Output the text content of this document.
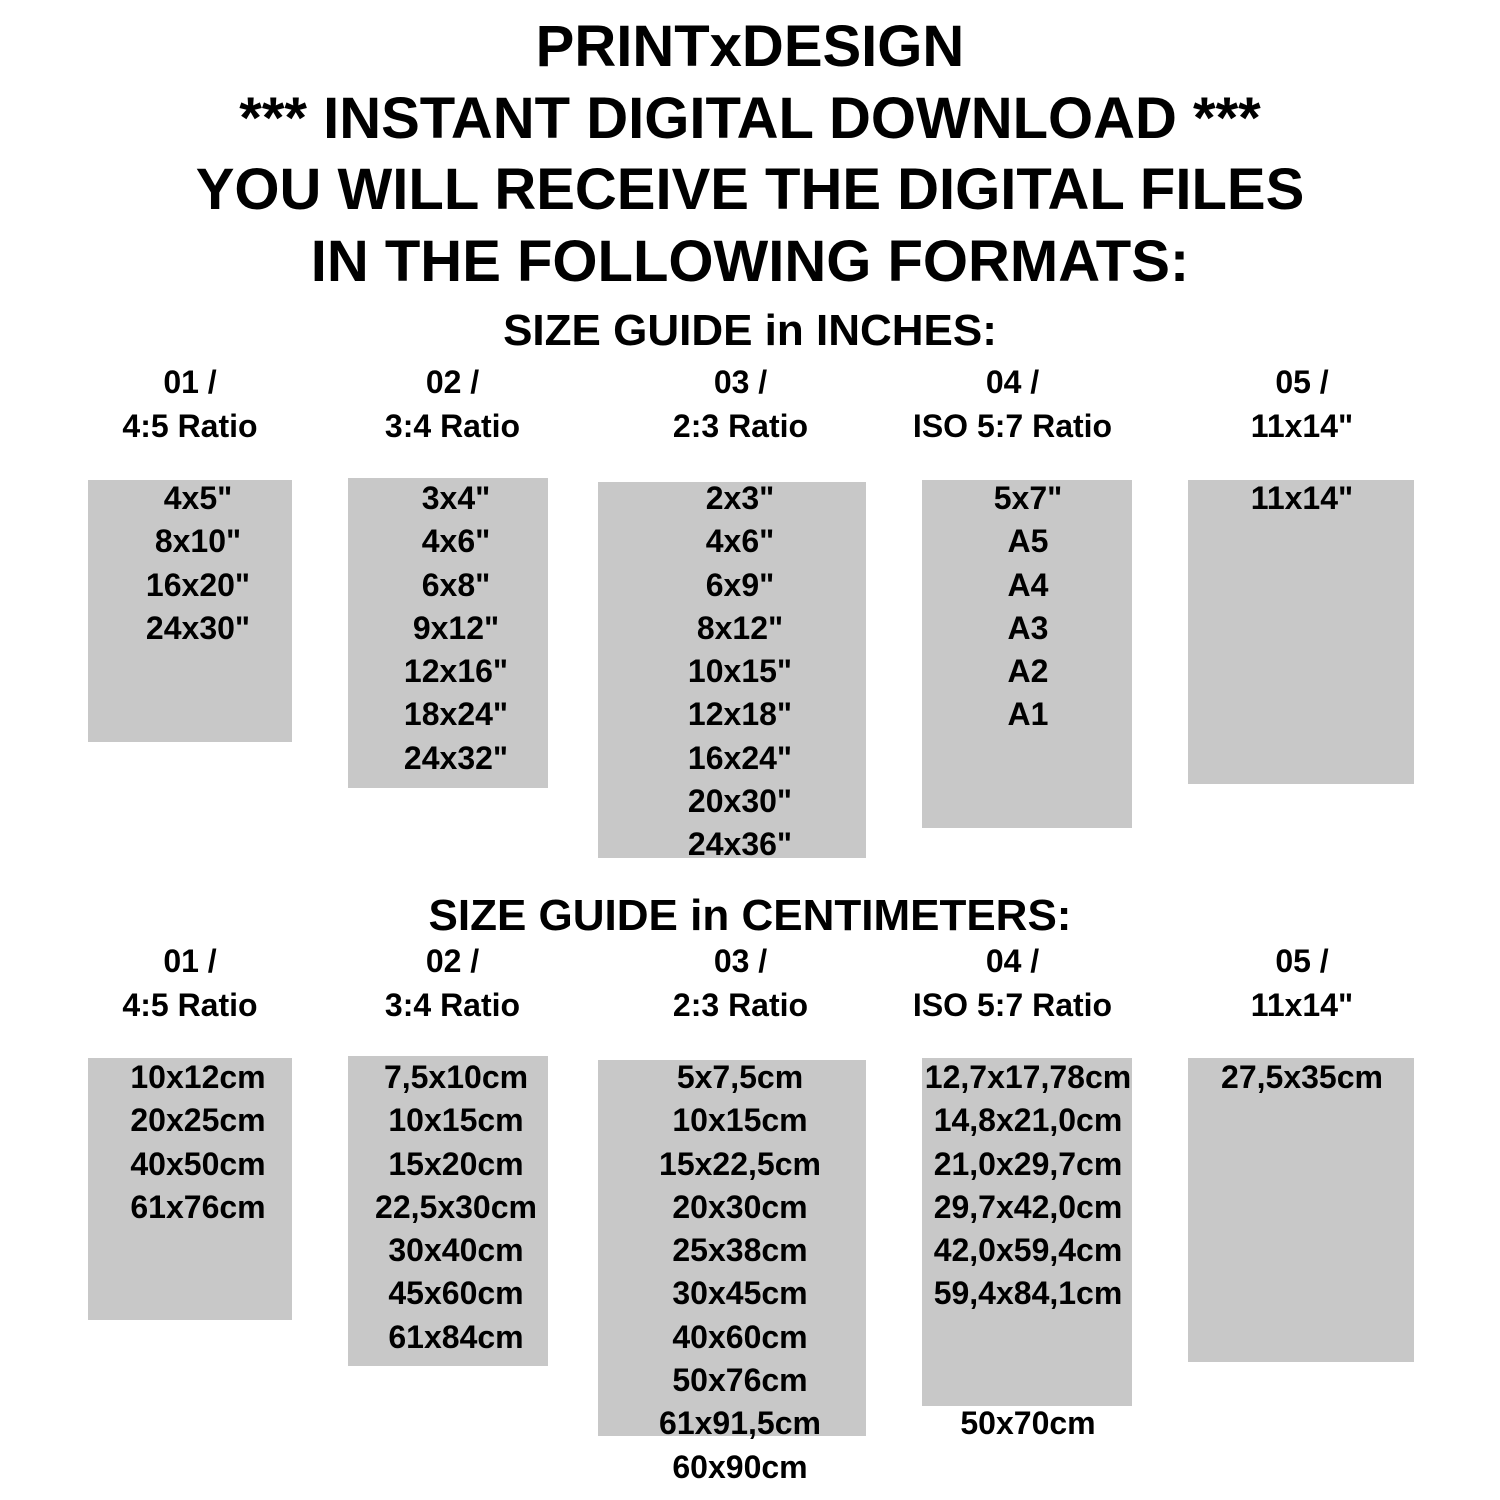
PRINTxDESIGN
*** INSTANT DIGITAL DOWNLOAD ***
YOU WILL RECEIVE THE DIGITAL FILES
IN THE FOLLOWING FORMATS:
SIZE GUIDE in INCHES:
01 /
4:5 Ratio
02 /
3:4 Ratio
03 /
2:3 Ratio
04 /
ISO 5:7 Ratio
05 /
11x14"
4x5"
8x10"
16x20"
24x30"
3x4"
4x6"
6x8"
9x12"
12x16"
18x24"
24x32"
2x3"
4x6"
6x9"
8x12"
10x15"
12x18"
16x24"
20x30"
24x36"
5x7"
A5
A4
A3
A2
A1
11x14"
SIZE GUIDE in CENTIMETERS:
01 /
4:5 Ratio
02 /
3:4 Ratio
03 /
2:3 Ratio
04 /
ISO 5:7 Ratio
05 /
11x14"
10x12cm
20x25cm
40x50cm
61x76cm
7,5x10cm
10x15cm
15x20cm
22,5x30cm
30x40cm
45x60cm
61x84cm
5x7,5cm
10x15cm
15x22,5cm
20x30cm
25x38cm
30x45cm
40x60cm
50x76cm
61x91,5cm
60x90cm
12,7x17,78cm
14,8x21,0cm
21,0x29,7cm
29,7x42,0cm
42,0x59,4cm
59,4x84,1cm
50x70cm
27,5x35cm
